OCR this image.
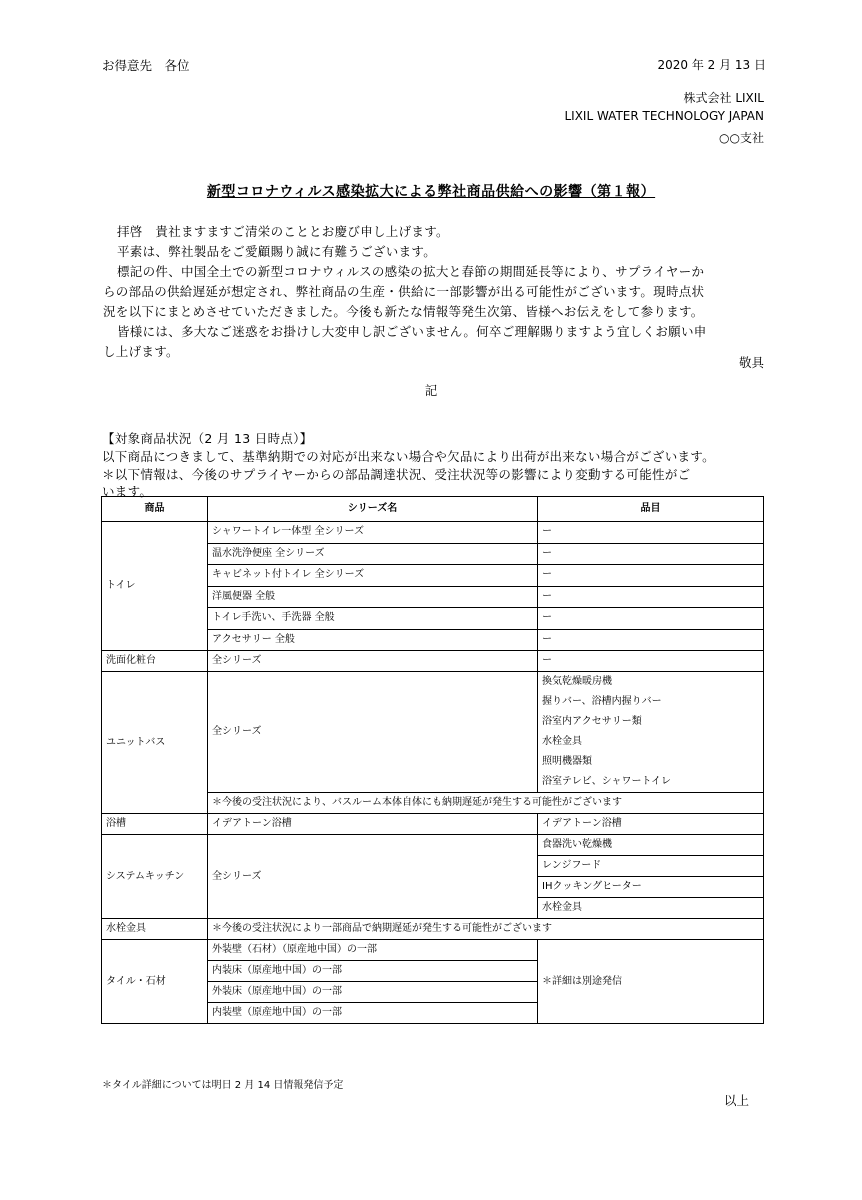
お得意先　各位	2020 年 2 月 13 日
株式会社 LIXIL
LIXIL WATER TECHNOLOGY JAPAN
○○支社
新型コロナウィルス感染拡大による弊社商品供給への影響（第１報）
拝啓　貴社ますますご清栄のこととお慶び申し上げます。
平素は、弊社製品をご愛顧賜り誠に有難うございます。
標記の件、中国全土での新型コロナウィルスの感染の拡大と春節の期間延長等により、サプライヤーか
らの部品の供給遅延が想定され、弊社商品の生産・供給に一部影響が出る可能性がございます。現時点状
況を以下にまとめさせていただきました。今後も新たな情報等発生次第、皆様へお伝えをして参ります。
皆様には、多大なご迷惑をお掛けし大変申し訳ございません。何卒ご理解賜りますよう宜しくお願い申
し上げます。
敬具
記
【対象商品状況（2 月 13 日時点）】
以下商品につきまして、基準納期での対応が出来ない場合や欠品により出荷が出来ない場合がございます。
＊以下情報は、今後のサプライヤーからの部品調達状況、受注状況等の影響により変動する可能性がご
います。
商品	シリーズ名	品目
トイレ	シャワートイレ一体型 全シリーズ	ー
	温水洗浄便座 全シリーズ	ー
	キャビネット付トイレ 全シリーズ	ー
	洋風便器 全般	ー
	トイレ手洗い、手洗器 全般	ー
	アクセサリー 全般	ー
洗面化粧台	全シリーズ	ー
ユニットバス	全シリーズ	換気乾燥暖房機
		握りバー、浴槽内握りバー
		浴室内アクセサリー類
		水栓金具
		照明機器類
		浴室テレビ、シャワートイレ
	＊今後の受注状況により、バスルーム本体自体にも納期遅延が発生する可能性がございます	
浴槽	イデアトーン浴槽	イデアトーン浴槽
システムキッチン	全シリーズ	食器洗い乾燥機
		レンジフード
		IHクッキングヒーター
		水栓金具
水栓金具	＊今後の受注状況により一部商品で納期遅延が発生する可能性がございます	
タイル・石材	外装壁（石材）（原産地中国）の一部	＊詳細は別途発信
	内装床（原産地中国）の一部	
	外装床（原産地中国）の一部	
	内装壁（原産地中国）の一部	
＊タイル詳細については明日 2 月 14 日情報発信予定
以上
